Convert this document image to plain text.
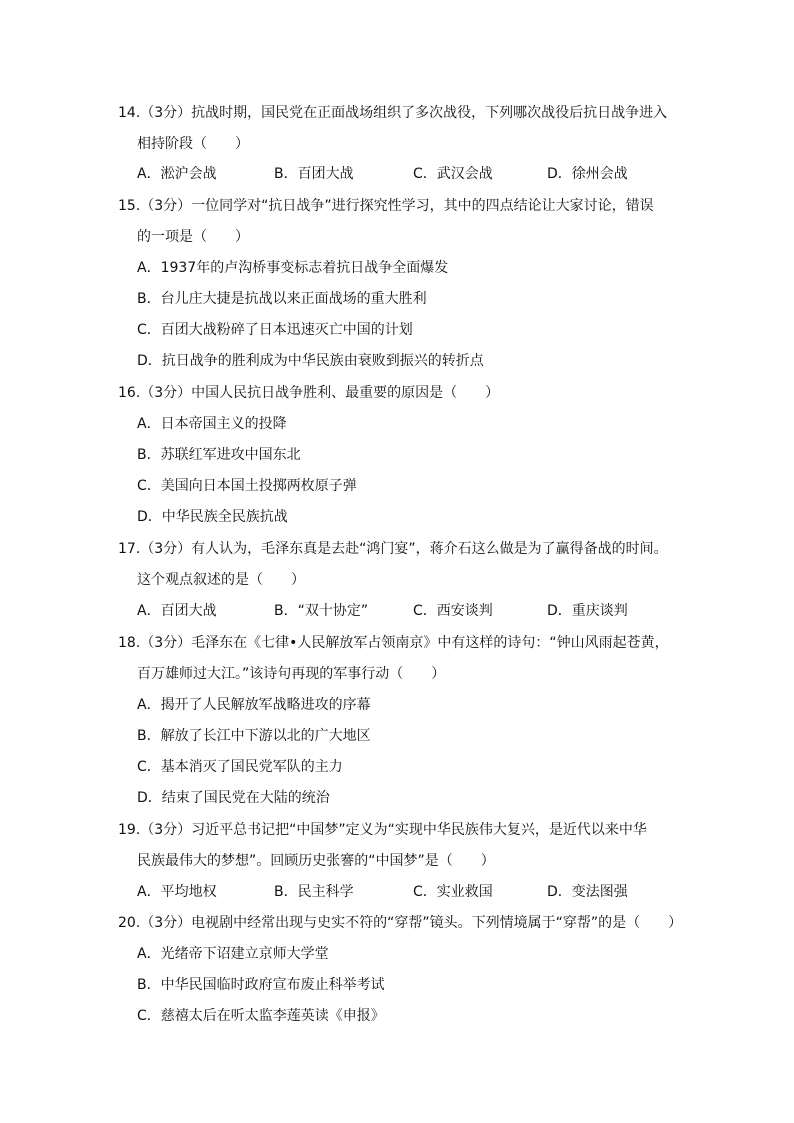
14.（3分）抗战时期，国民党在正面战场组织了多次战役，下列哪次战役后抗日战争进入
相持阶段（　　）
A．淞沪会战	B．百团大战	C．武汉会战	D．徐州会战
15.（3分）一位同学对“抗日战争”进行探究性学习，其中的四点结论让大家讨论，错误
的一项是（　　）
A．1937年的卢沟桥事变标志着抗日战争全面爆发
B．台儿庄大捷是抗战以来正面战场的重大胜利
C．百团大战粉碎了日本迅速灭亡中国的计划
D．抗日战争的胜利成为中华民族由衰败到振兴的转折点
16.（3分）中国人民抗日战争胜利、最重要的原因是（　　）
A．日本帝国主义的投降
B．苏联红军进攻中国东北
C．美国向日本国土投掷两枚原子弹
D．中华民族全民族抗战
17.（3分）有人认为，毛泽东真是去赴“鸿门宴”，蒋介石这么做是为了赢得备战的时间。
这个观点叙述的是（　　）
A．百团大战	B．“双十协定”	C．西安谈判	D．重庆谈判
18.（3分）毛泽东在《七律•人民解放军占领南京》中有这样的诗句：“钟山风雨起苍黄，
百万雄师过大江。”该诗句再现的军事行动（　　）
A．揭开了人民解放军战略进攻的序幕
B．解放了长江中下游以北的广大地区
C．基本消灭了国民党军队的主力
D．结束了国民党在大陆的统治
19.（3分）习近平总书记把“中国梦”定义为“实现中华民族伟大复兴，是近代以来中华
民族最伟大的梦想”。回顾历史张謇的“中国梦”是（　　）
A．平均地权	B．民主科学	C．实业救国	D．变法图强
20.（3分）电视剧中经常出现与史实不符的“穿帮”镜头。下列情境属于“穿帮”的是（　　）
A．光绪帝下诏建立京师大学堂
B．中华民国临时政府宣布废止科举考试
C．慈禧太后在听太监李莲英读《申报》
